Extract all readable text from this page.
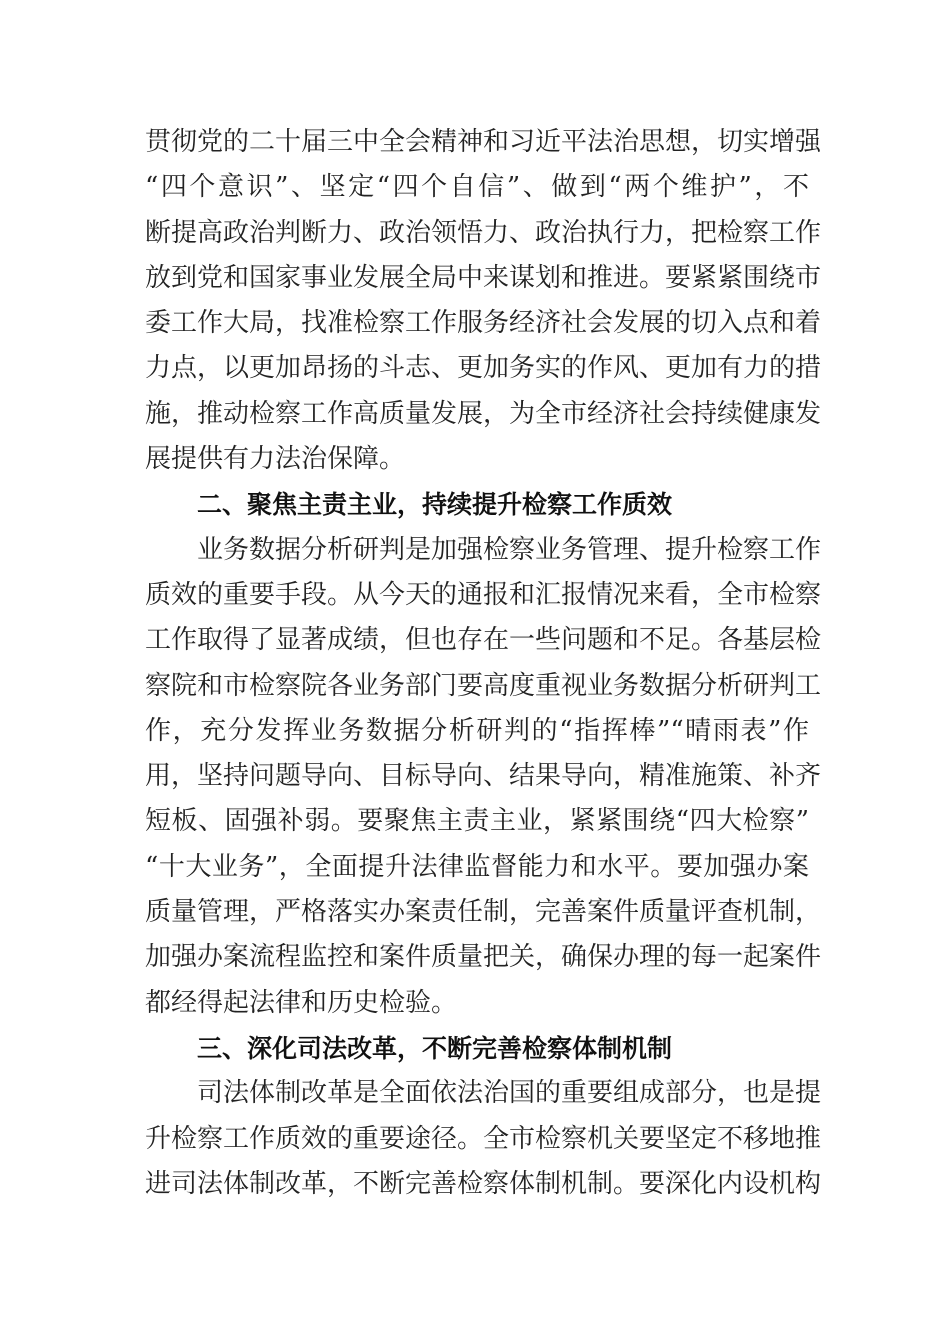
贯彻党的二十届三中全会精神和习近平法治思想，切实增强
“四个意识”、坚定“四个自信”、做到“两个维护”，不
断提高政治判断力、政治领悟力、政治执行力，把检察工作
放到党和国家事业发展全局中来谋划和推进。要紧紧围绕市
委工作大局，找准检察工作服务经济社会发展的切入点和着
力点，以更加昂扬的斗志、更加务实的作风、更加有力的措
施，推动检察工作高质量发展，为全市经济社会持续健康发
展提供有力法治保障。
二、聚焦主责主业，持续提升检察工作质效
业务数据分析研判是加强检察业务管理、提升检察工作
质效的重要手段。从今天的通报和汇报情况来看，全市检察
工作取得了显著成绩，但也存在一些问题和不足。各基层检
察院和市检察院各业务部门要高度重视业务数据分析研判工
作，充分发挥业务数据分析研判的“指挥棒”“晴雨表”作
用，坚持问题导向、目标导向、结果导向，精准施策、补齐
短板、固强补弱。要聚焦主责主业，紧紧围绕“四大检察”
“十大业务”，全面提升法律监督能力和水平。要加强办案
质量管理，严格落实办案责任制，完善案件质量评查机制，
加强办案流程监控和案件质量把关，确保办理的每一起案件
都经得起法律和历史检验。
三、深化司法改革，不断完善检察体制机制
司法体制改革是全面依法治国的重要组成部分，也是提
升检察工作质效的重要途径。全市检察机关要坚定不移地推
进司法体制改革，不断完善检察体制机制。要深化内设机构
